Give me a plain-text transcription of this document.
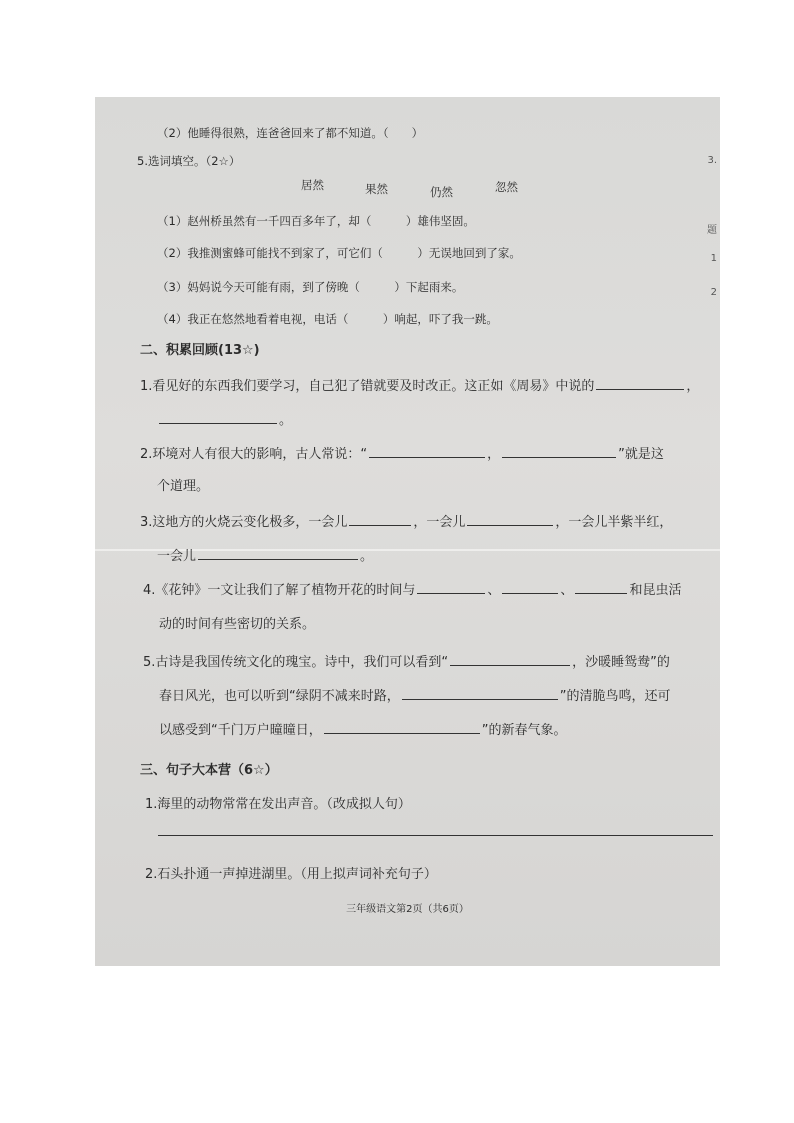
（2）他睡得很熟，连爸爸回来了都不知道。（　　）
5.选词填空。（2☆）
居然	果然	仍然	忽然
（1）赵州桥虽然有一千四百多年了，却（　　　）雄伟坚固。
（2）我推测蜜蜂可能找不到家了，可它们（　　　）无误地回到了家。
（3）妈妈说今天可能有雨，到了傍晚（　　　）下起雨来。
（4）我正在悠然地看着电视，电话（　　　）响起，吓了我一跳。
二、积累回顾(13☆)
1.看见好的东西我们要学习，自己犯了错就要及时改正。这正如《周易》中说的	，
。
2.环境对人有很大的影响，古人常说：“	，	”就是这
个道理。
3.这地方的火烧云变化极多，一会儿	，一会儿	，一会儿半紫半红，
一会儿	。
4.《花钟》一文让我们了解了植物开花的时间与	、	、	和昆虫活
动的时间有些密切的关系。
5.古诗是我国传统文化的瑰宝。诗中，我们可以看到“	，沙暖睡鸳鸯”的
春日风光，也可以听到“绿阴不减来时路，	”的清脆鸟鸣，还可
以感受到“千门万户曈曈日，	”的新春气象。
三、句子大本营（6☆）
1.海里的动物常常在发出声音。（改成拟人句）
2.石头扑通一声掉进湖里。（用上拟声词补充句子）
三年级语文第2页（共6页）
3.
题
1
2
